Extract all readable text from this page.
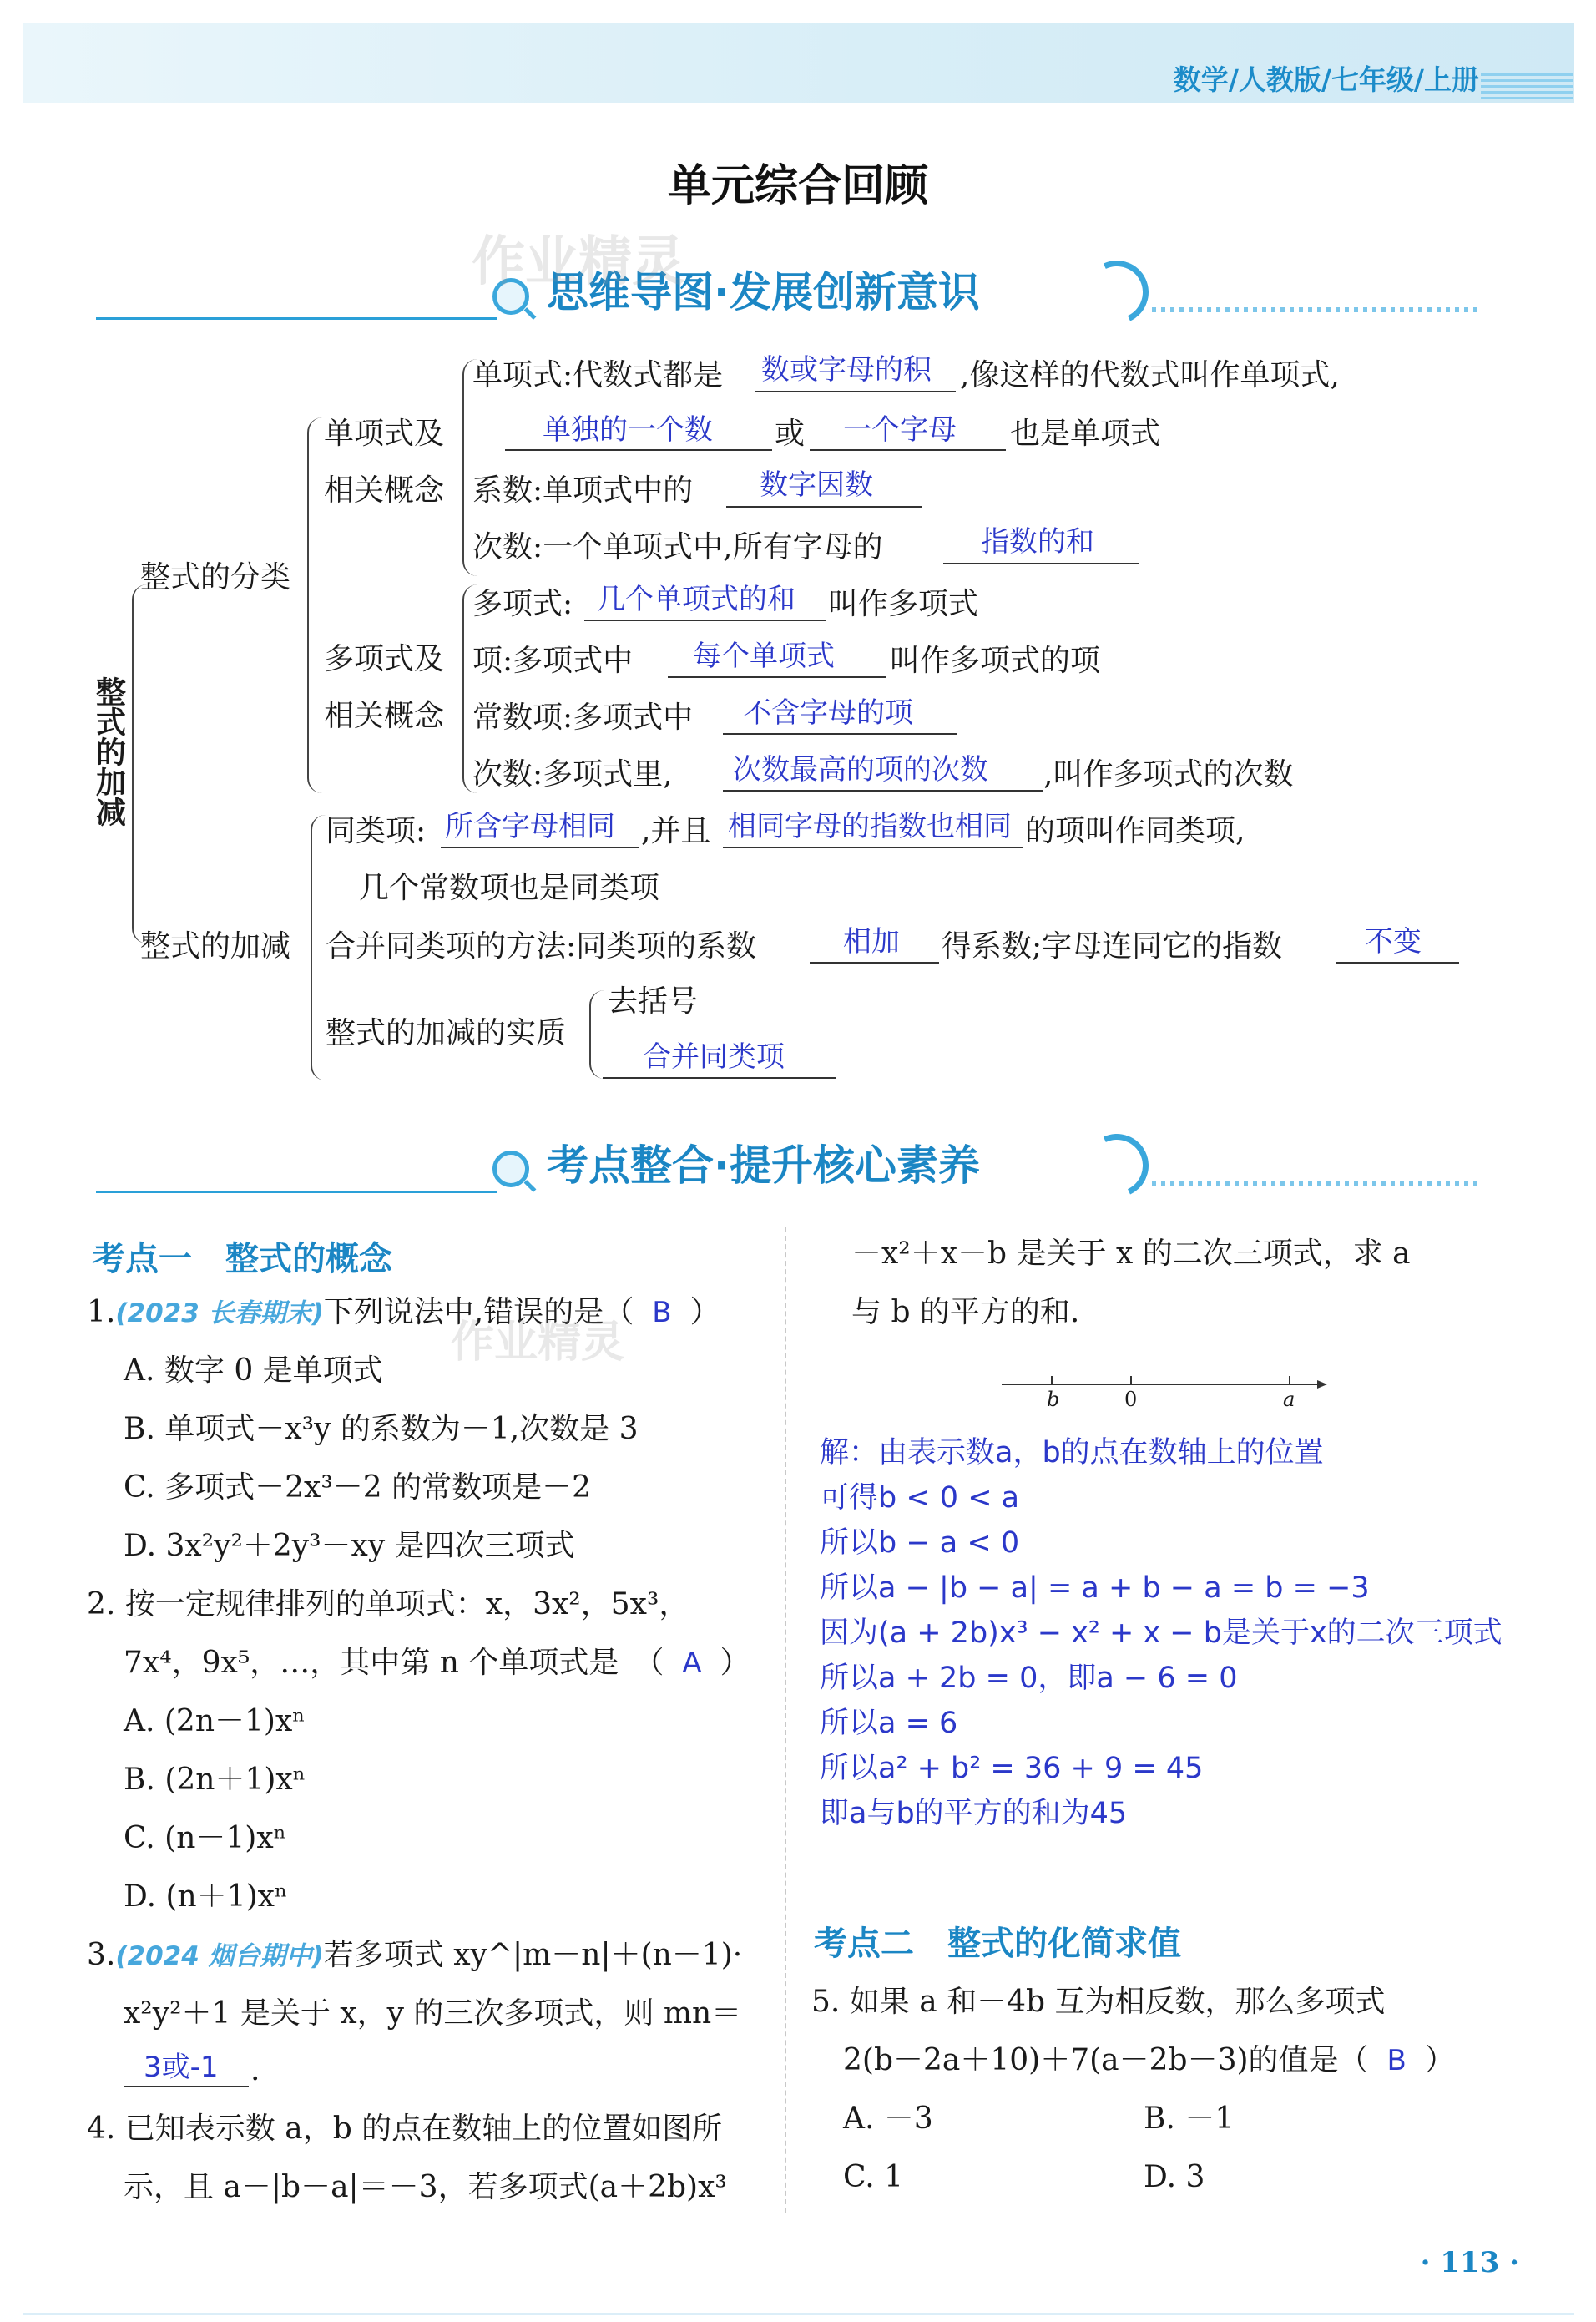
数学/人教版/七年级/上册
单元综合回顾
思维导图·发展创新意识
作业精灵
整式的加减
整式的分类
整式的加减
单项式及
相关概念
多项式及
相关概念
单项式:代数式都是 数或字母的积 ,像这样的代数式叫作单项式,
单独的一个数 或 一个字母 也是单项式
系数:单项式中的 数字因数
次数:一个单项式中,所有字母的	指数的和
多项式: 几个单项式的和 叫作多项式
项:多项式中 每个单项式 叫作多项式的项
常数项:多项式中 不含字母的项
次数:多项式里, 次数最高的项的次数 ,叫作多项式的次数
同类项: 所含字母相同 ,并且 相同字母的指数也相同 的项叫作同类项,
几个常数项也是同类项
合并同类项的方法:同类项的系数	相加 得系数;字母连同它的指数	不变
整式的加减的实质
去括号
合并同类项
考点整合·提升核心素养
考点一　整式的概念
1.(2023 长春期末)下列说法中,错误的是（ B ）
作业精灵
A. 数字 0 是单项式
B. 单项式－x³y 的系数为－1,次数是 3
C. 多项式－2x³－2 的常数项是－2
D. 3x²y²＋2y³－xy 是四次三项式
2. 按一定规律排列的单项式：x，3x²，5x³，
7x⁴，9x⁵，…，其中第 n 个单项式是　（ A ）
A. (2n－1)xⁿ
B. (2n＋1)xⁿ
C. (n－1)xⁿ
D. (n＋1)xⁿ
3.(2024 烟台期中)若多项式 xy^|m－n|＋(n－1)·
x²y²＋1 是关于 x，y 的三次多项式，则 mn＝
3或-1 .
4. 已知表示数 a，b 的点在数轴上的位置如图所
示，且 a－|b－a|＝－3，若多项式(a＋2b)x³
－x²＋x－b 是关于 x 的二次三项式，求 a
与 b 的平方的和.
b	0	a
解：由表示数a，b的点在数轴上的位置
可得b < 0 < a
所以b − a < 0
所以a − |b − a| = a + b − a = b = −3
因为(a + 2b)x³ − x² + x − b是关于x的二次三项式
所以a + 2b = 0，即a − 6 = 0
所以a = 6
所以a² + b² = 36 + 9 = 45
即a与b的平方的和为45
考点二　整式的化简求值
5. 如果 a 和－4b 互为相反数，那么多项式
2(b－2a＋10)＋7(a－2b－3)的值是（ B ）
A. －3	B. －1
C. 1	D. 3
· 113 ·
